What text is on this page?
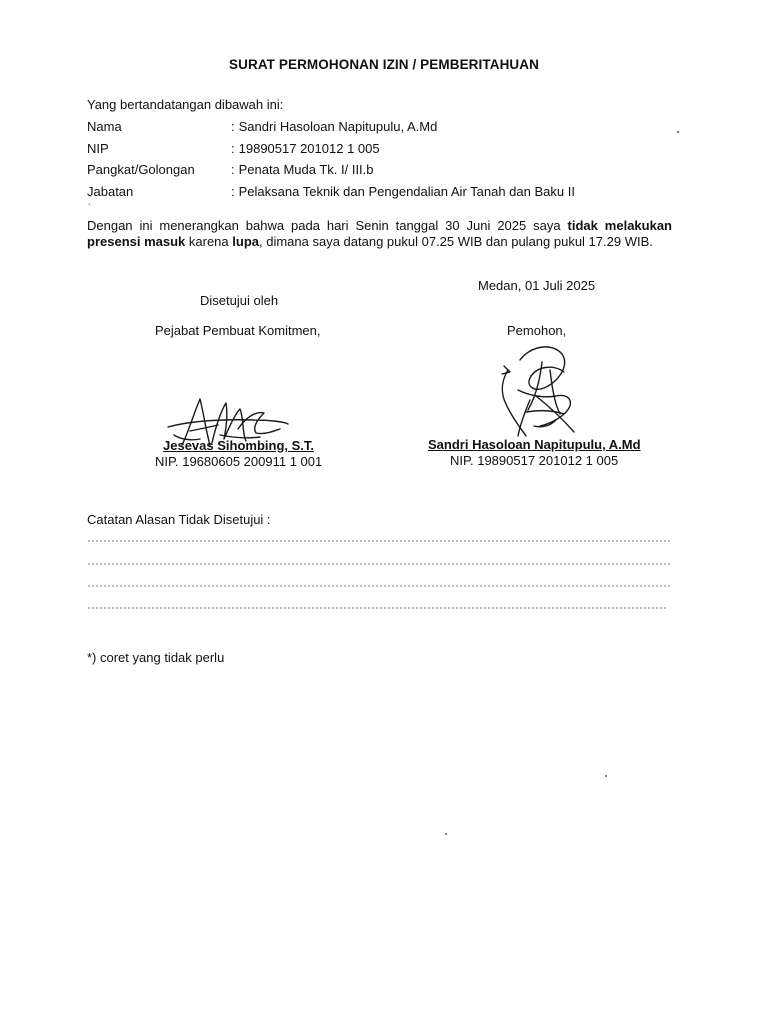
SURAT PERMOHONAN IZIN / PEMBERITAHUAN
Yang bertandatangan dibawah ini:
Nama	: Sandri Hasoloan Napitupulu, A.Md
NIP	: 19890517 201012 1 005
Pangkat/Golongan	: Penata Muda Tk. I/ III.b
Jabatan	: Pelaksana Teknik dan Pengendalian Air Tanah dan Baku II
`
Dengan ini menerangkan bahwa pada hari Senin tanggal 30 Juni 2025 saya tidak melakukan presensi masuk karena lupa, dimana saya datang pukul 07.25 WIB dan pulang pukul 17.29 WIB.
Medan, 01 Juli 2025
Disetujui oleh
Pejabat Pembuat Komitmen,	Pemohon,
Jesevas Sihombing, S.T.
NIP. 19680605 200911 1 001
Sandri Hasoloan Napitupulu, A.Md
NIP. 19890517 201012 1 005
Catatan Alasan Tidak Disetujui :
*) coret yang tidak perlu
